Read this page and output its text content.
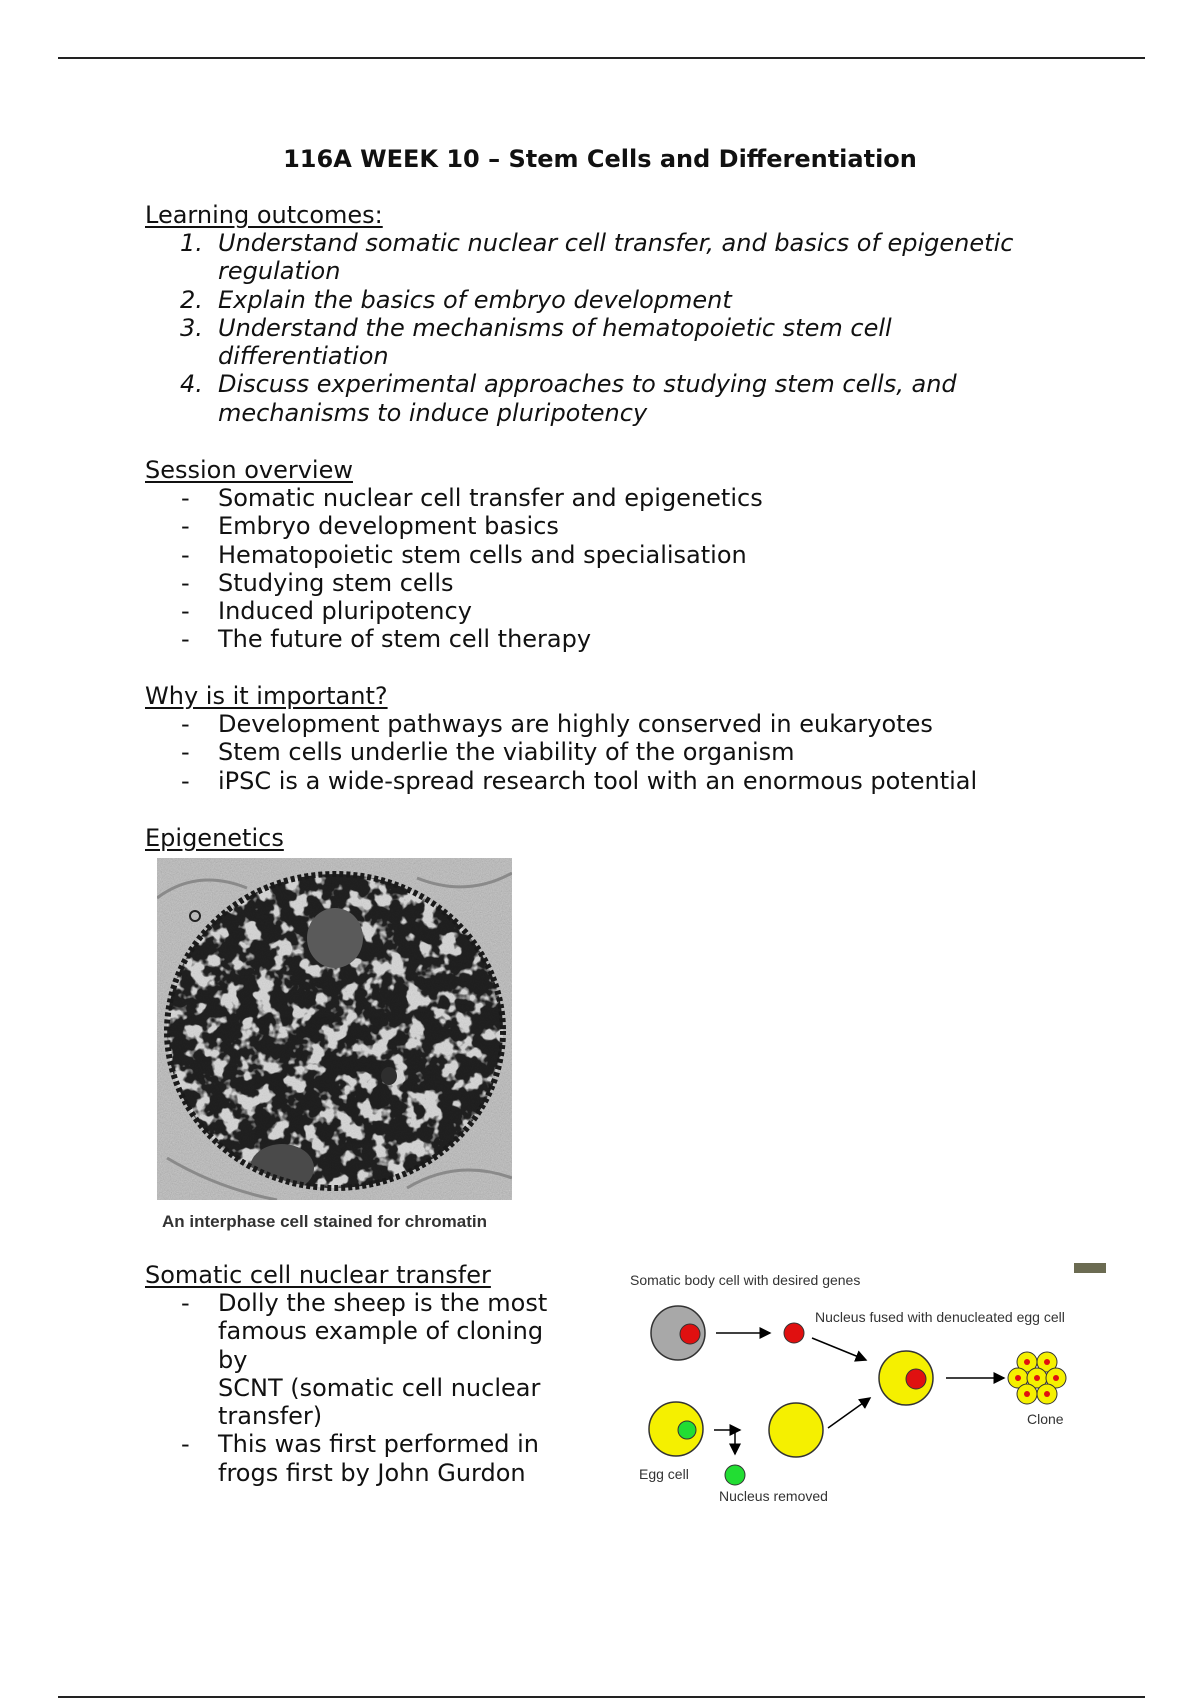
116A WEEK 10 – Stem Cells and Differentiation
Learning outcomes:
1. Understand somatic nuclear cell transfer, and basics of epigenetic
regulation
2. Explain the basics of embryo development
3. Understand the mechanisms of hematopoietic stem cell
differentiation
4. Discuss experimental approaches to studying stem cells, and
mechanisms to induce pluripotency
Session overview
- Somatic nuclear cell transfer and epigenetics
- Embryo development basics
- Hematopoietic stem cells and specialisation
- Studying stem cells
- Induced pluripotency
- The future of stem cell therapy
Why is it important?
- Development pathways are highly conserved in eukaryotes
- Stem cells underlie the viability of the organism
- iPSC is a wide-spread research tool with an enormous potential
Epigenetics
An interphase cell stained for chromatin
Somatic cell nuclear transfer
- Dolly the sheep is the most
famous example of cloning by
SCNT (somatic cell nuclear
transfer)
- This was first performed in
frogs first by John Gurdon
Somatic body cell with desired genes
Nucleus fused with denucleated egg cell
Clone
Egg cell
Nucleus removed
